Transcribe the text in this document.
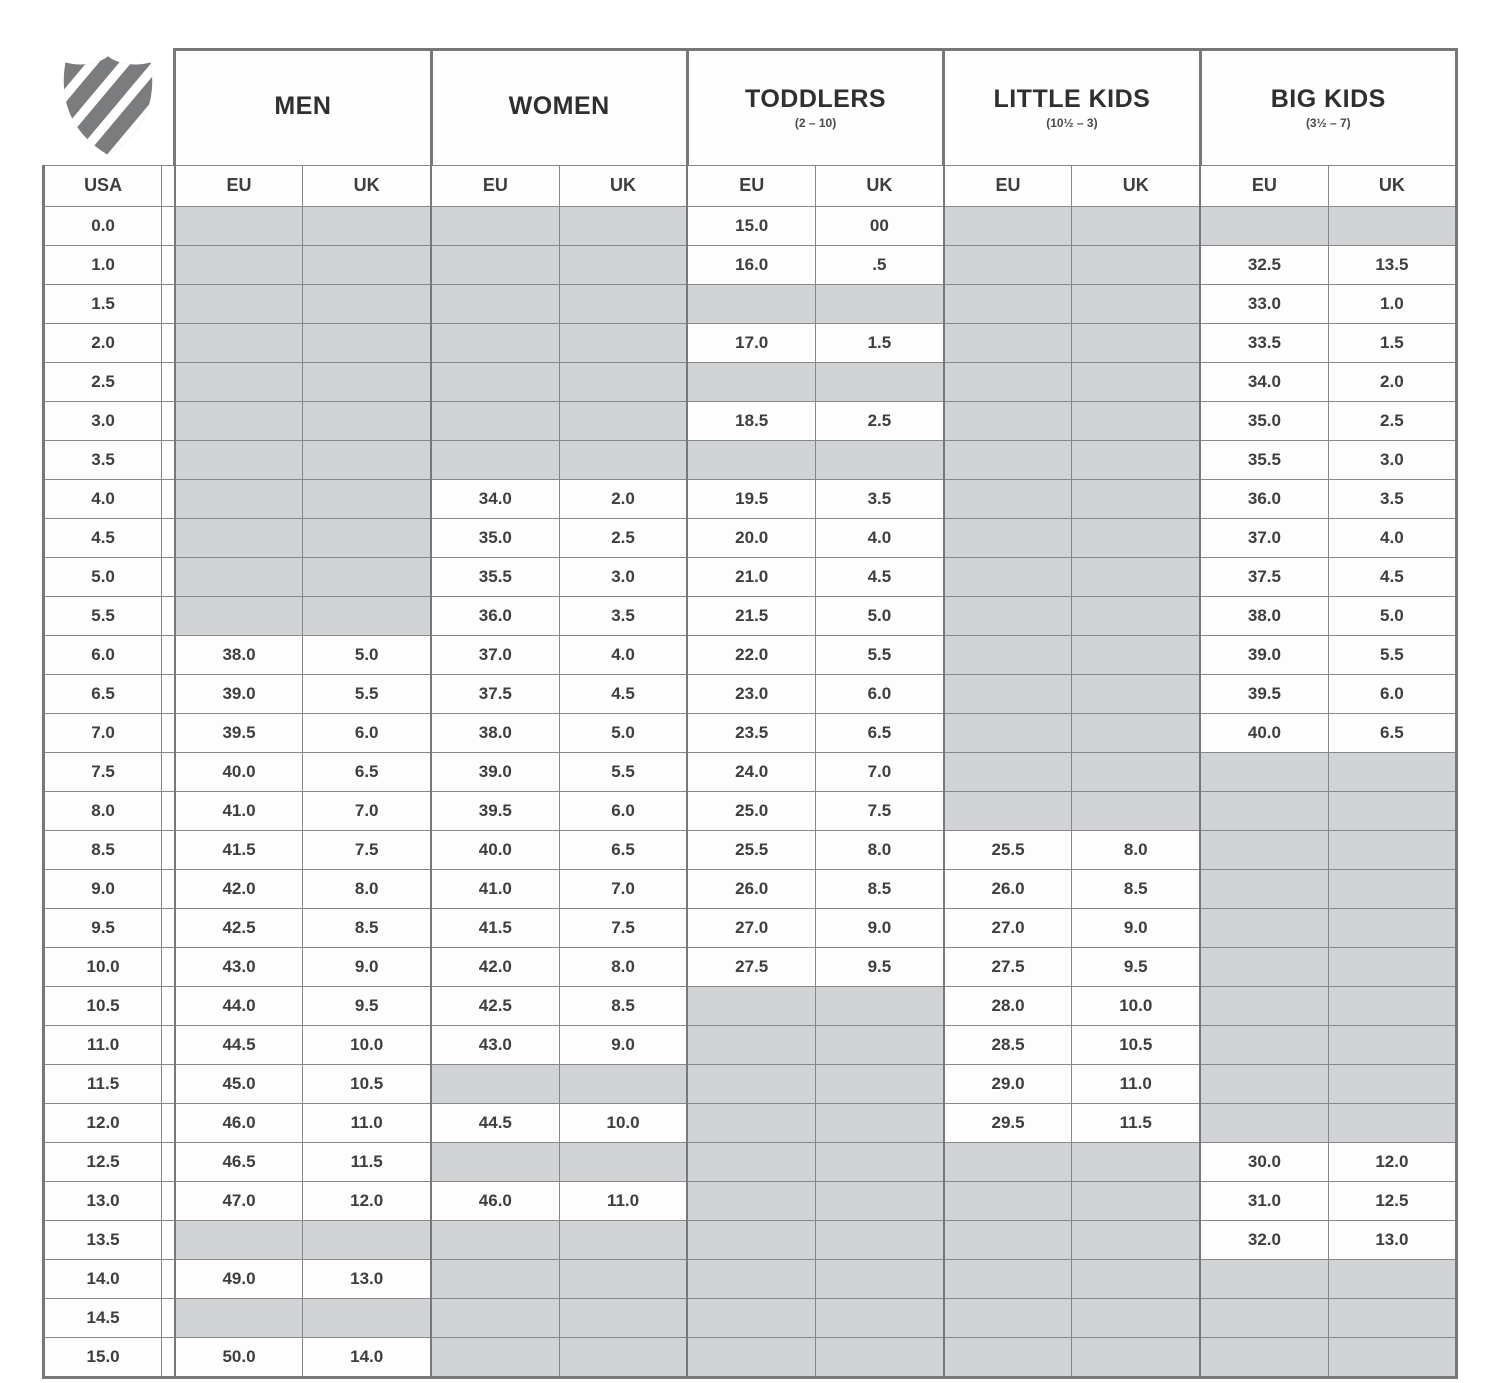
MEN	WOMEN	TODDLERS
(2 – 10)

LITTLE KIDS
(10½ – 3)

BIG KIDS
(3½ – 7)

USA		EU	UK	EU	UK	EU	UK	EU	UK	EU	UK
0.0						15.0	00				
1.0						16.0	.5			32.5	13.5
1.5										33.0	1.0
2.0						17.0	1.5			33.5	1.5
2.5										34.0	2.0
3.0						18.5	2.5			35.0	2.5
3.5										35.5	3.0
4.0				34.0	2.0	19.5	3.5			36.0	3.5
4.5				35.0	2.5	20.0	4.0			37.0	4.0
5.0				35.5	3.0	21.0	4.5			37.5	4.5
5.5				36.0	3.5	21.5	5.0			38.0	5.0
6.0		38.0	5.0	37.0	4.0	22.0	5.5			39.0	5.5
6.5		39.0	5.5	37.5	4.5	23.0	6.0			39.5	6.0
7.0		39.5	6.0	38.0	5.0	23.5	6.5			40.0	6.5
7.5		40.0	6.5	39.0	5.5	24.0	7.0				
8.0		41.0	7.0	39.5	6.0	25.0	7.5				
8.5		41.5	7.5	40.0	6.5	25.5	8.0	25.5	8.0		
9.0		42.0	8.0	41.0	7.0	26.0	8.5	26.0	8.5		
9.5		42.5	8.5	41.5	7.5	27.0	9.0	27.0	9.0		
10.0		43.0	9.0	42.0	8.0	27.5	9.5	27.5	9.5		
10.5		44.0	9.5	42.5	8.5			28.0	10.0		
11.0		44.5	10.0	43.0	9.0			28.5	10.5		
11.5		45.0	10.5					29.0	11.0		
12.0		46.0	11.0	44.5	10.0			29.5	11.5		
12.5		46.5	11.5							30.0	12.0
13.0		47.0	12.0	46.0	11.0					31.0	12.5
13.5										32.0	13.0
14.0		49.0	13.0								
14.5											
15.0		50.0	14.0								
